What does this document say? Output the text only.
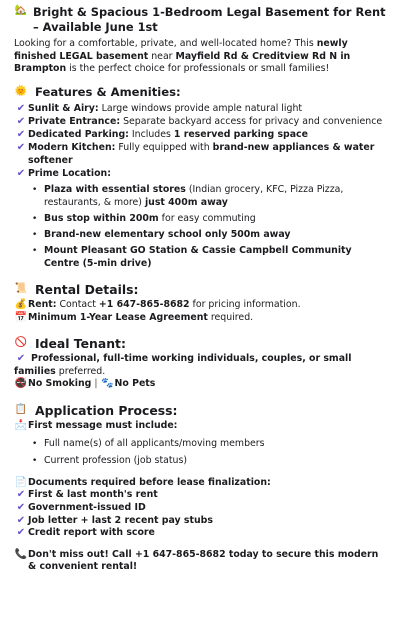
🏡 Bright & Spacious 1-Bedroom Legal Basement for Rent – Available June 1st
Looking for a comfortable, private, and well-located home? This newly finished LEGAL basement near Mayfield Rd & Creditview Rd N in Brampton is the perfect choice for professionals or small families!
🌞 Features & Amenities:
✔ Sunlit & Airy: Large windows provide ample natural light
✔ Private Entrance: Separate backyard access for privacy and convenience
✔ Dedicated Parking: Includes 1 reserved parking space
✔ Modern Kitchen: Fully equipped with brand-new appliances & water softener
✔ Prime Location:
• Plaza with essential stores (Indian grocery, KFC, Pizza Pizza, restaurants, & more) just 400m away
• Bus stop within 200m for easy commuting
• Brand-new elementary school only 500m away
• Mount Pleasant GO Station & Cassie Campbell Community Centre (5-min drive)
📜 Rental Details:
💰 Rent: Contact +1 647-865-8682 for pricing information.
📅 Minimum 1-Year Lease Agreement required.
🚫 Ideal Tenant:
✔ Professional, full-time working individuals, couples, or small families preferred.
🚭 No Smoking | 🐾 No Pets
📋 Application Process:
📩 First message must include:
• Full name(s) of all applicants/moving members
• Current profession (job status)
📄 Documents required before lease finalization:
✔ First & last month's rent
✔ Government-issued ID
✔ Job letter + last 2 recent pay stubs
✔ Credit report with score
📞 Don't miss out! Call +1 647-865-8682 today to secure this modern & convenient rental!
